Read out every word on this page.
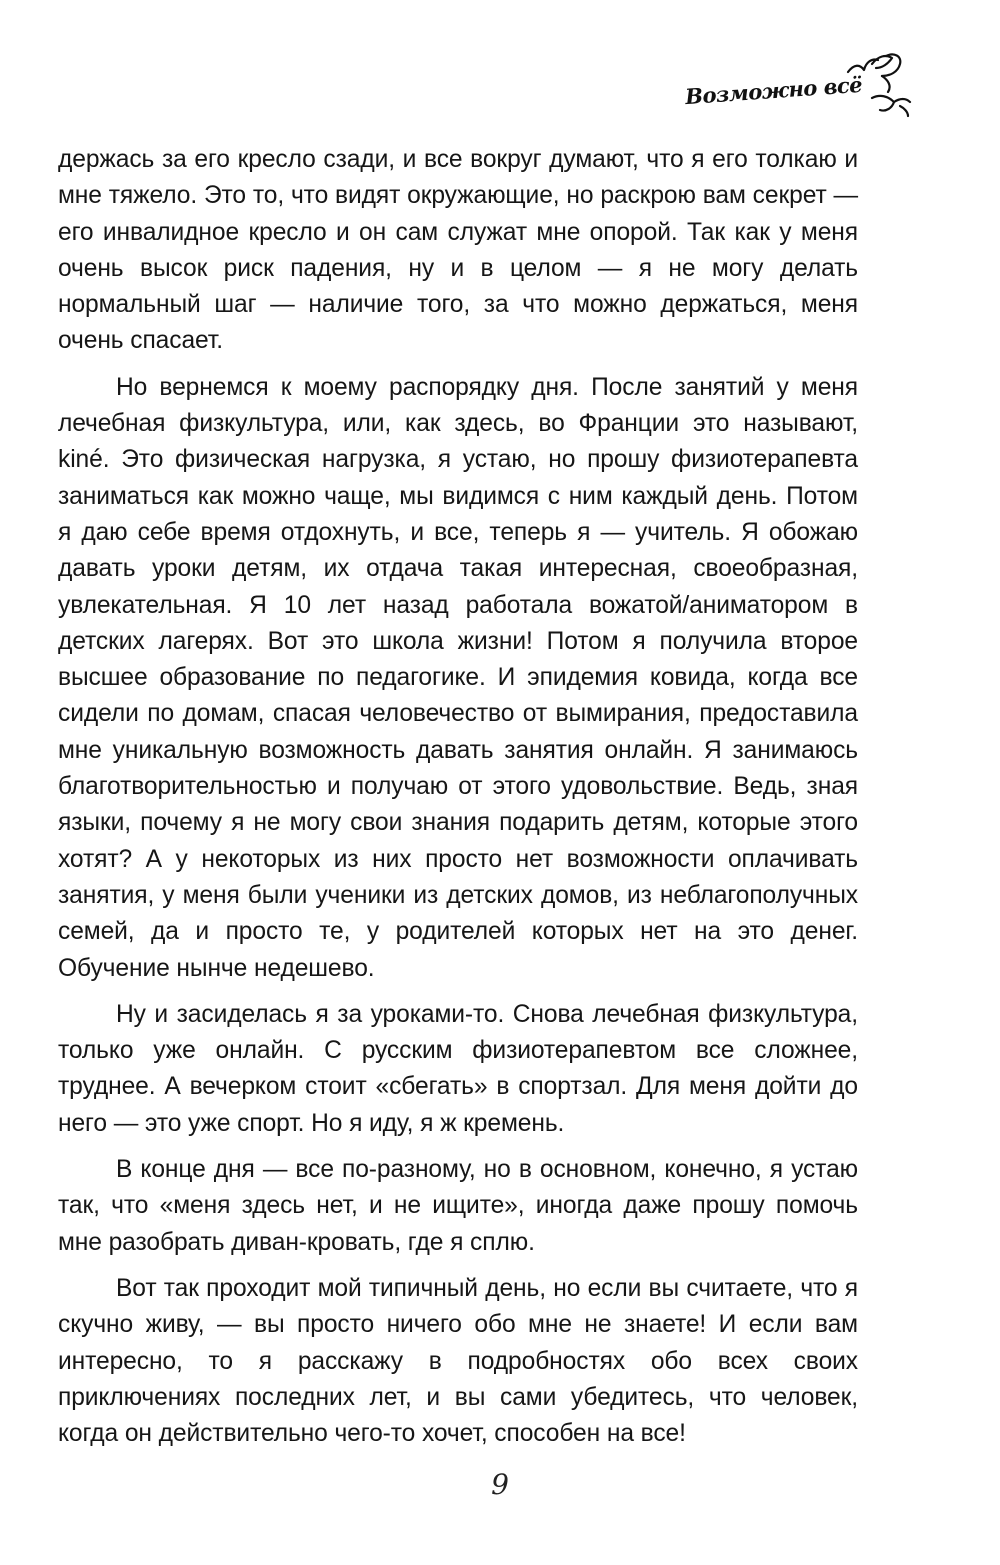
Возможно всё

держась за его кресло сзади, и все вокруг думают, что я его толкаю и мне тяжело. Это то, что видят окружающие, но раскрою вам секрет — его инвалидное кресло и он сам служат мне опорой. Так как у меня очень высок риск падения, ну и в целом — я не могу делать нормальный шаг — наличие того, за что можно держаться, меня очень спасает.

Но вернемся к моему распорядку дня. После занятий у меня лечебная физкультура, или, как здесь, во Франции это называют, kiné. Это физическая нагрузка, я устаю, но прошу физиотерапевта заниматься как можно чаще, мы видимся с ним каждый день. Потом я даю себе время отдохнуть, и все, теперь я — учитель. Я обожаю давать уроки детям, их отдача такая интересная, своеобразная, увлекательная. Я 10 лет назад работала вожатой/аниматором в детских лагерях. Вот это школа жизни! Потом я получила второе высшее образование по педагогике. И эпидемия ковида, когда все сидели по домам, спасая человечество от вымирания, предоставила мне уникальную возможность давать занятия онлайн. Я занимаюсь благотворительностью и получаю от этого удовольствие. Ведь, зная языки, почему я не могу свои знания подарить детям, которые этого хотят? А у некоторых из них просто нет возможности оплачивать занятия, у меня были ученики из детских домов, из неблагополучных семей, да и просто те, у родителей которых нет на это денег. Обучение нынче недешево.

Ну и засиделась я за уроками-то. Снова лечебная физкультура, только уже онлайн. С русским физиотерапевтом все сложнее, труднее. А вечерком стоит «сбегать» в спортзал. Для меня дойти до него — это уже спорт. Но я иду, я ж кремень.

В конце дня — все по-разному, но в основном, конечно, я устаю так, что «меня здесь нет, и не ищите», иногда даже прошу помочь мне разобрать диван-кровать, где я сплю.

Вот так проходит мой типичный день, но если вы считаете, что я скучно живу, — вы просто ничего обо мне не знаете! И если вам интересно, то я расскажу в подробностях обо всех своих приключениях последних лет, и вы сами убедитесь, что человек, когда он действительно чего-то хочет, способен на все!

9
